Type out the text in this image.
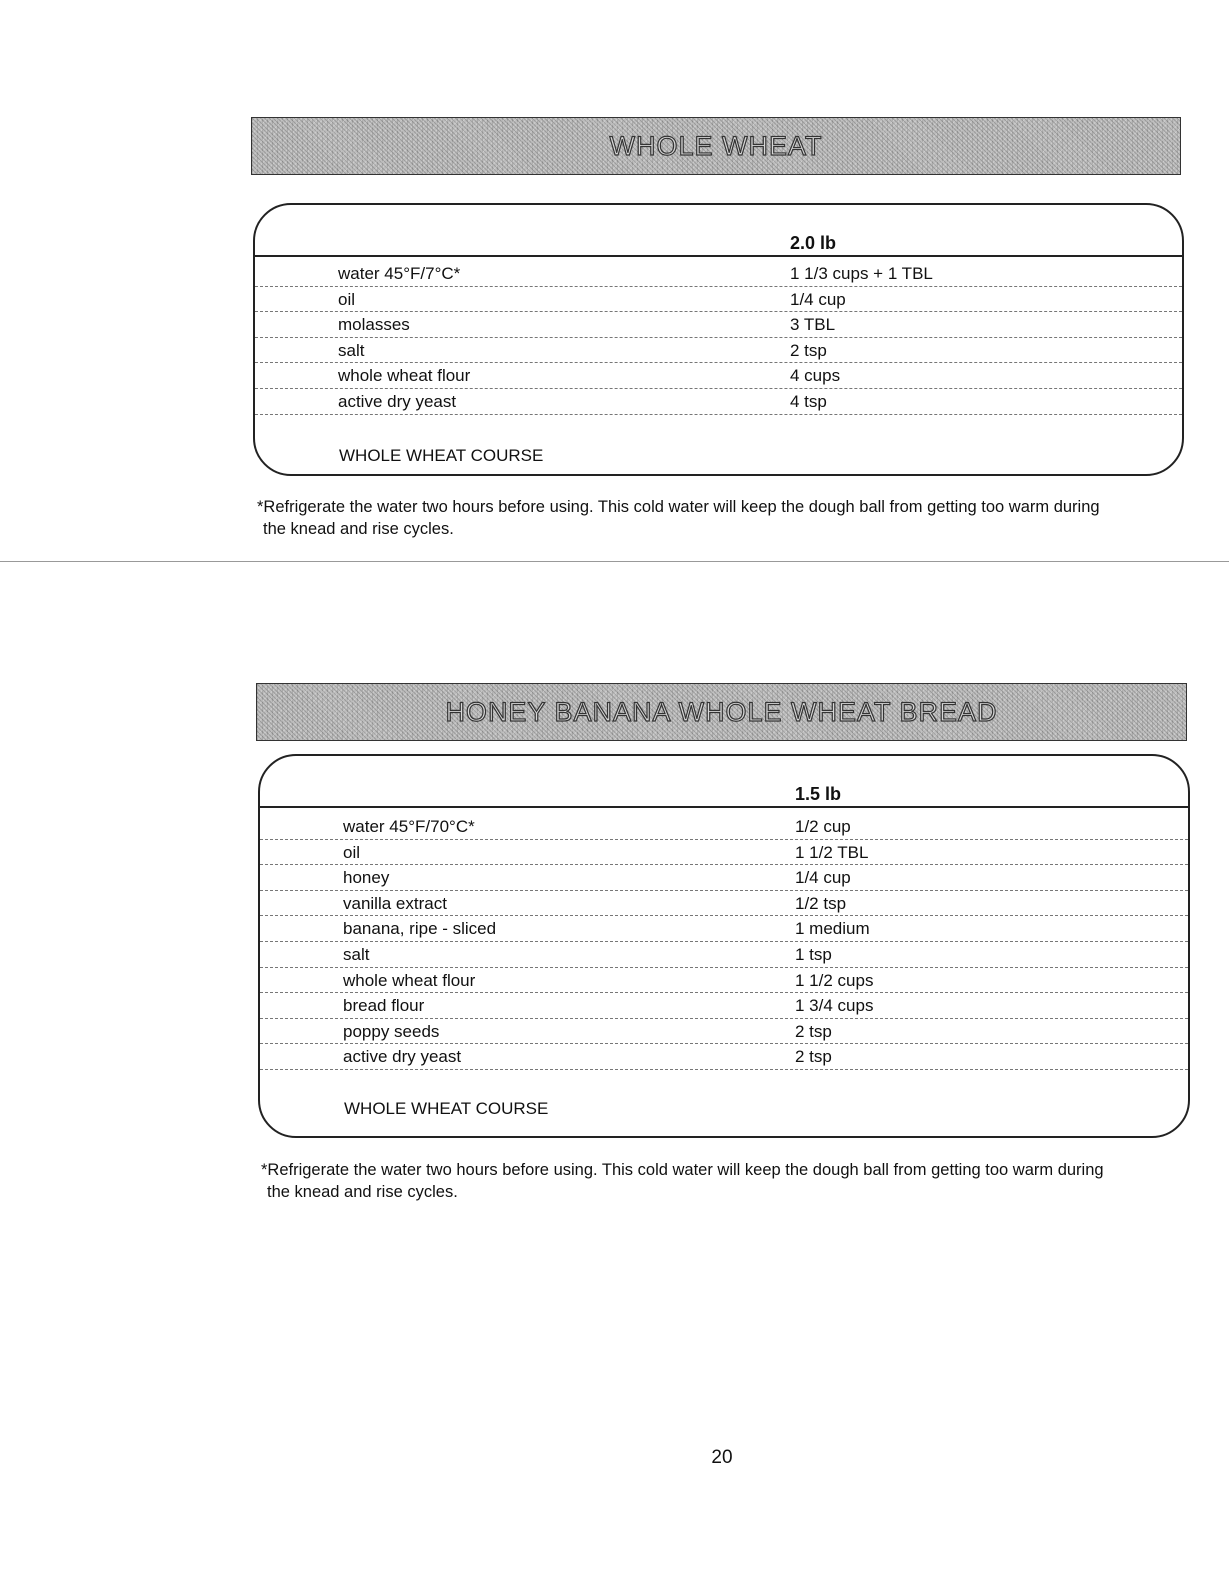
WHOLE WHEAT
2.0 lb
water 45°F/7°C*	1 1/3 cups + 1 TBL
oil	1/4 cup
molasses	3 TBL
salt	2 tsp
whole wheat flour	4 cups
active dry yeast	4 tsp
WHOLE WHEAT COURSE
*Refrigerate the water two hours before using. This cold water will keep the dough ball from getting too warm during
the knead and rise cycles.
HONEY BANANA WHOLE WHEAT BREAD
1.5 lb
water 45°F/70°C*	1/2 cup
oil	1 1/2 TBL
honey	1/4 cup
vanilla extract	1/2 tsp
banana, ripe - sliced	1 medium
salt	1 tsp
whole wheat flour	1 1/2 cups
bread flour	1 3/4 cups
poppy seeds	2 tsp
active dry yeast	2 tsp
WHOLE WHEAT COURSE
*Refrigerate the water two hours before using. This cold water will keep the dough ball from getting too warm during
the knead and rise cycles.
20
